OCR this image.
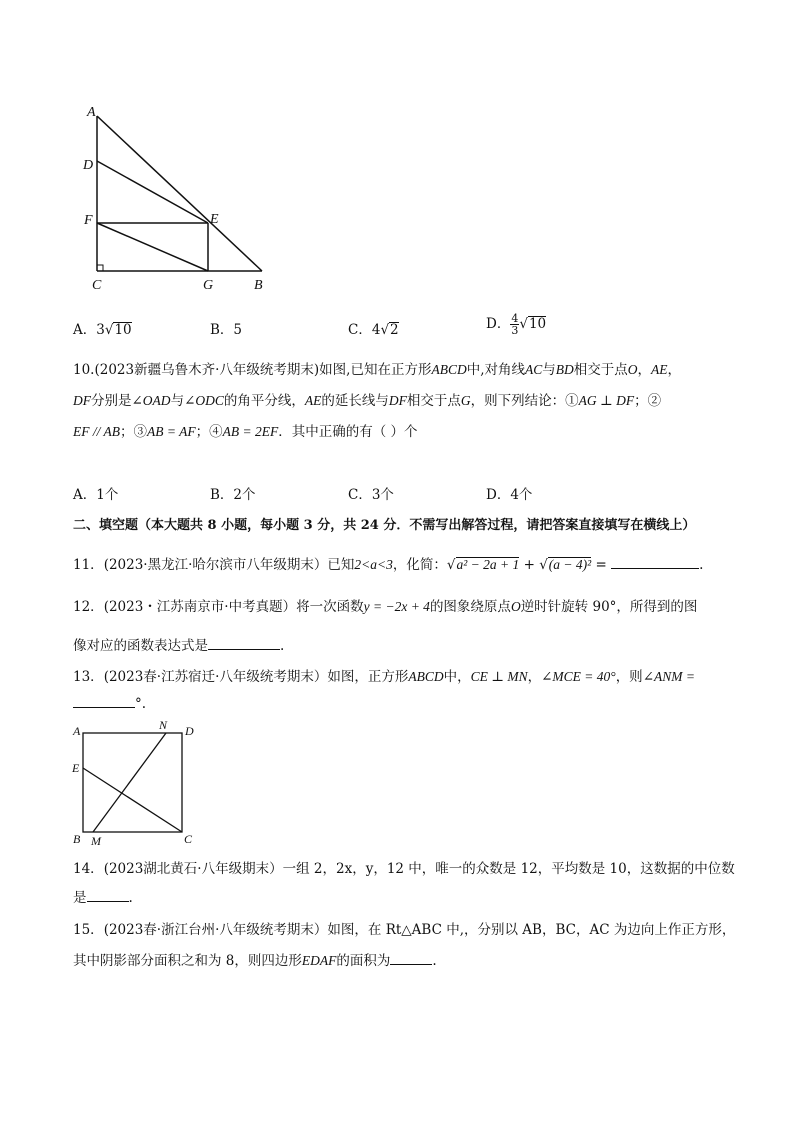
A
D
F	E
C	G	B
A．3√10	B．5	C．4√2	D． $\frac{4}{3} √10$
10.(2023新疆乌鲁木齐·八年级统考期末)如图,已知在正方形ABCD中,对角线AC与BD相交于点O，AE，
DF分别是∠OAD与∠ODC的角平分线，AE的延长线与DF相交于点G，则下列结论：①AG ⊥ DF；②
EF // AB；③AB = AF；④AB = 2EF．其中正确的有（ ）个
A．1个	B．2个	C．3个	D．4个
二、填空题（本大题共 8 小题，每小题 3 分，共 24 分．不需写出解答过程，请把答案直接填写在横线上）
11．(2023·黑龙江·哈尔滨市八年级期末）已知2<a<3，化简：√a² − 2a + 1 + √(a − 4)² =	.
12．(2023・江苏南京市·中考真题）将一次函数y = −2x + 4的图象绕原点O逆时针旋转 90°，所得到的图
像对应的函数表达式是	.
13．(2023春·江苏宿迁·八年级统考期末）如图，正方形ABCD中，CE ⊥ MN，∠MCE = 40°，则∠ANM =
°.
A	N D
E
B M	C
14．(2023湖北黄石·八年级期末）一组 2，2x，y，12 中，唯一的众数是 12，平均数是 10，这数据的中位数
是	.
15．(2023春·浙江台州·八年级统考期末）如图，在 Rt△ABC 中,，分别以 AB，BC，AC 为边向上作正方形，
其中阴影部分面积之和为 8，则四边形EDAF的面积为	.
